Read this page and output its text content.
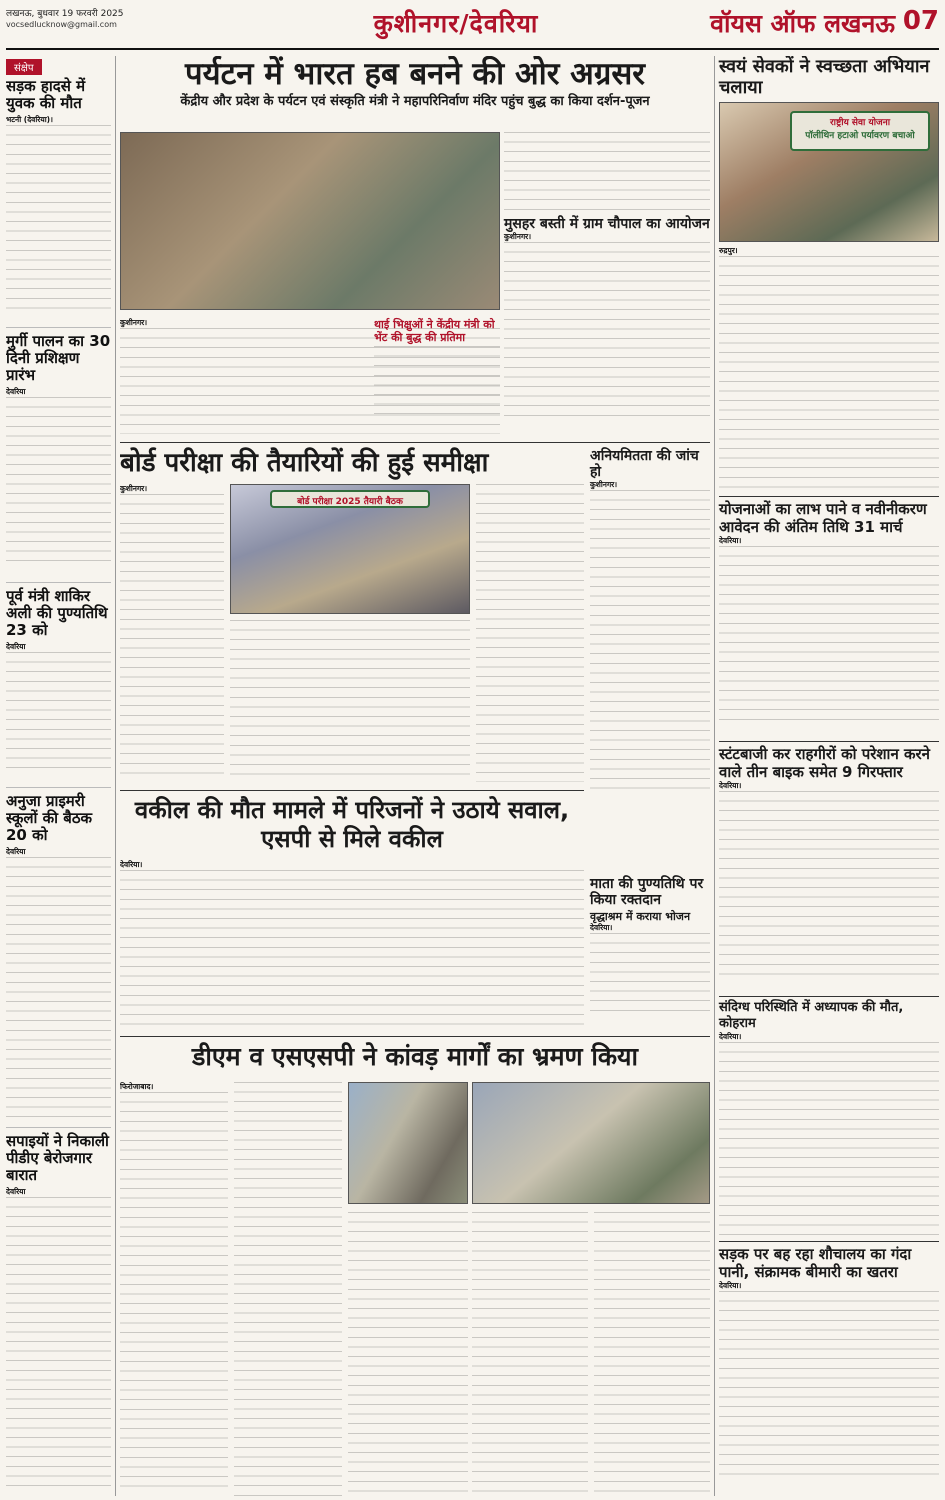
लखनऊ, बुधवार 19 फरवरी 2025
vocsedlucknow@gmail.com	कुशीनगर/देवरिया	वॉयस ऑफ लखनऊ 07
संक्षेप
सड़क हादसे में युवक की मौत
भटनी (देवरिया)।
मुर्गी पालन का 30 दिनी प्रशिक्षण प्रारंभ
देवरिया
पूर्व मंत्री शाकिर अली की पुण्यतिथि 23 को
देवरिया
अनुजा प्राइमरी स्कूलों की बैठक 20 को
देवरिया
सपाइयों ने निकाली पीडीए बेरोजगार बारात
देवरिया
पर्यटन में भारत हब बनने की ओर अग्रसर
केंद्रीय और प्रदेश के पर्यटन एवं संस्कृति मंत्री ने महापरिनिर्वाण मंदिर पहुंच बुद्ध का किया दर्शन-पूजन
कुशीनगर।
मुसहर बस्ती में ग्राम चौपाल का आयोजन
कुशीनगर।
थाई भिक्षुओं ने केंद्रीय मंत्री को भेंट की बुद्ध की प्रतिमा
बोर्ड परीक्षा की तैयारियों की हुई समीक्षा
बोर्ड परीक्षा 2025 तैयारी बैठक
कुशीनगर।
अनियमितता की जांच हो
कुशीनगर।
वकील की मौत मामले में परिजनों ने उठाये सवाल, एसपी से मिले वकील
देवरिया।
माता की पुण्यतिथि पर किया रक्तदान
वृद्धाश्रम में कराया भोजन
देवरिया।
डीएम व एसएसपी ने कांवड़ मार्गों का भ्रमण किया
फिरोजाबाद।
स्वयं सेवकों ने स्वच्छता अभियान चलाया
राष्ट्रीय सेवा योजना
पॉलीथिन हटाओ पर्यावरण बचाओ
रुद्रपुर।
योजनाओं का लाभ पाने व नवीनीकरण आवेदन की अंतिम तिथि 31 मार्च
देवरिया।
स्टंटबाजी कर राहगीरों को परेशान करने वाले तीन बाइक समेत 9 गिरफ्तार
देवरिया।
संदिग्ध परिस्थिति में अध्यापक की मौत, कोहराम
देवरिया।
सड़क पर बह रहा शौचालय का गंदा पानी, संक्रामक बीमारी का खतरा
देवरिया।
